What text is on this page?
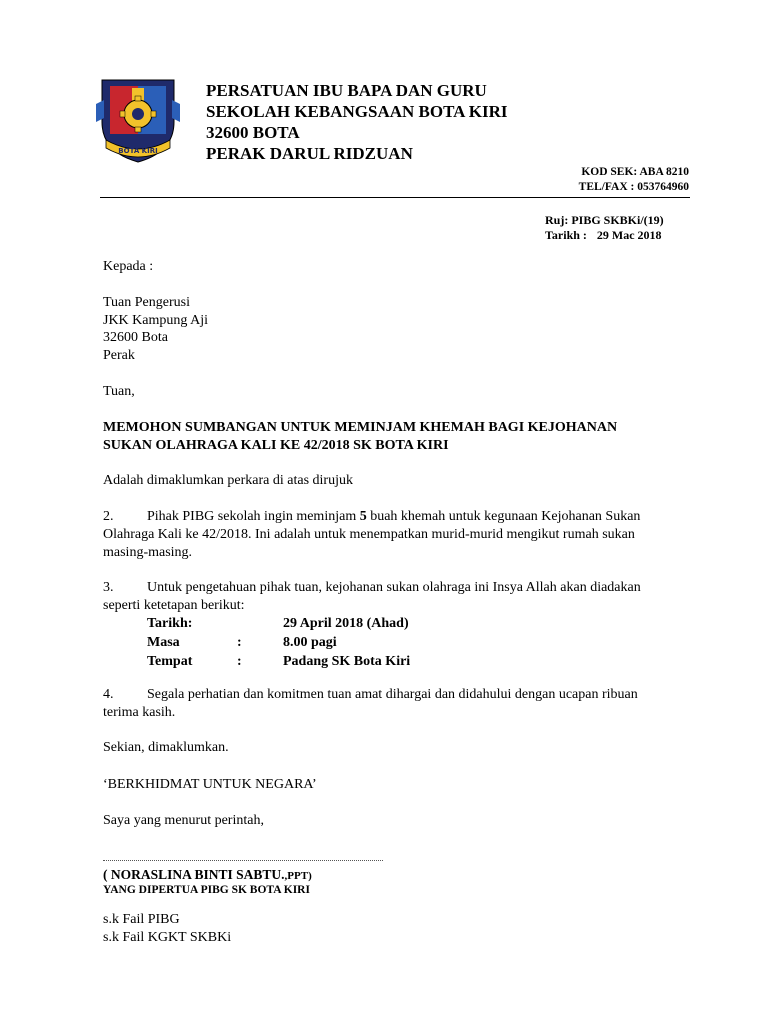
BOTA KIRI
PERSATUAN IBU BAPA DAN GURU
SEKOLAH KEBANGSAAN BOTA KIRI
32600 BOTA
PERAK DARUL RIDZUAN
KOD SEK: ABA 8210
TEL/FAX : 053764960
Ruj: PIBG SKBKi/(19)
Tarikh : 29 Mac 2018
Kepada :
Tuan Pengerusi
JKK Kampung Aji
32600 Bota
Perak
Tuan,
MEMOHON SUMBANGAN UNTUK MEMINJAM KHEMAH BAGI KEJOHANAN
SUKAN OLAHRAGA KALI KE 42/2018 SK BOTA KIRI
Adalah dimaklumkan perkara di atas dirujuk
2. Pihak PIBG sekolah ingin meminjam 5 buah khemah untuk kegunaan Kejohanan Sukan
Olahraga Kali ke 42/2018. Ini adalah untuk menempatkan murid-murid mengikut rumah sukan
masing-masing.
3. Untuk pengetahuan pihak tuan, kejohanan sukan olahraga ini Insya Allah akan diadakan
seperti ketetapan berikut:
Tarikh:	29 April 2018 (Ahad)
Masa	:	8.00 pagi
Tempat	:	Padang SK Bota Kiri
4. Segala perhatian dan komitmen tuan amat dihargai dan didahului dengan ucapan ribuan
terima kasih.
Sekian, dimaklumkan.
‘BERKHIDMAT UNTUK NEGARA’
Saya yang menurut perintah,
( NORASLINA BINTI SABTU.,PPT)
YANG DIPERTUA PIBG SK BOTA KIRI
s.k Fail PIBG
s.k Fail KGKT SKBKi
